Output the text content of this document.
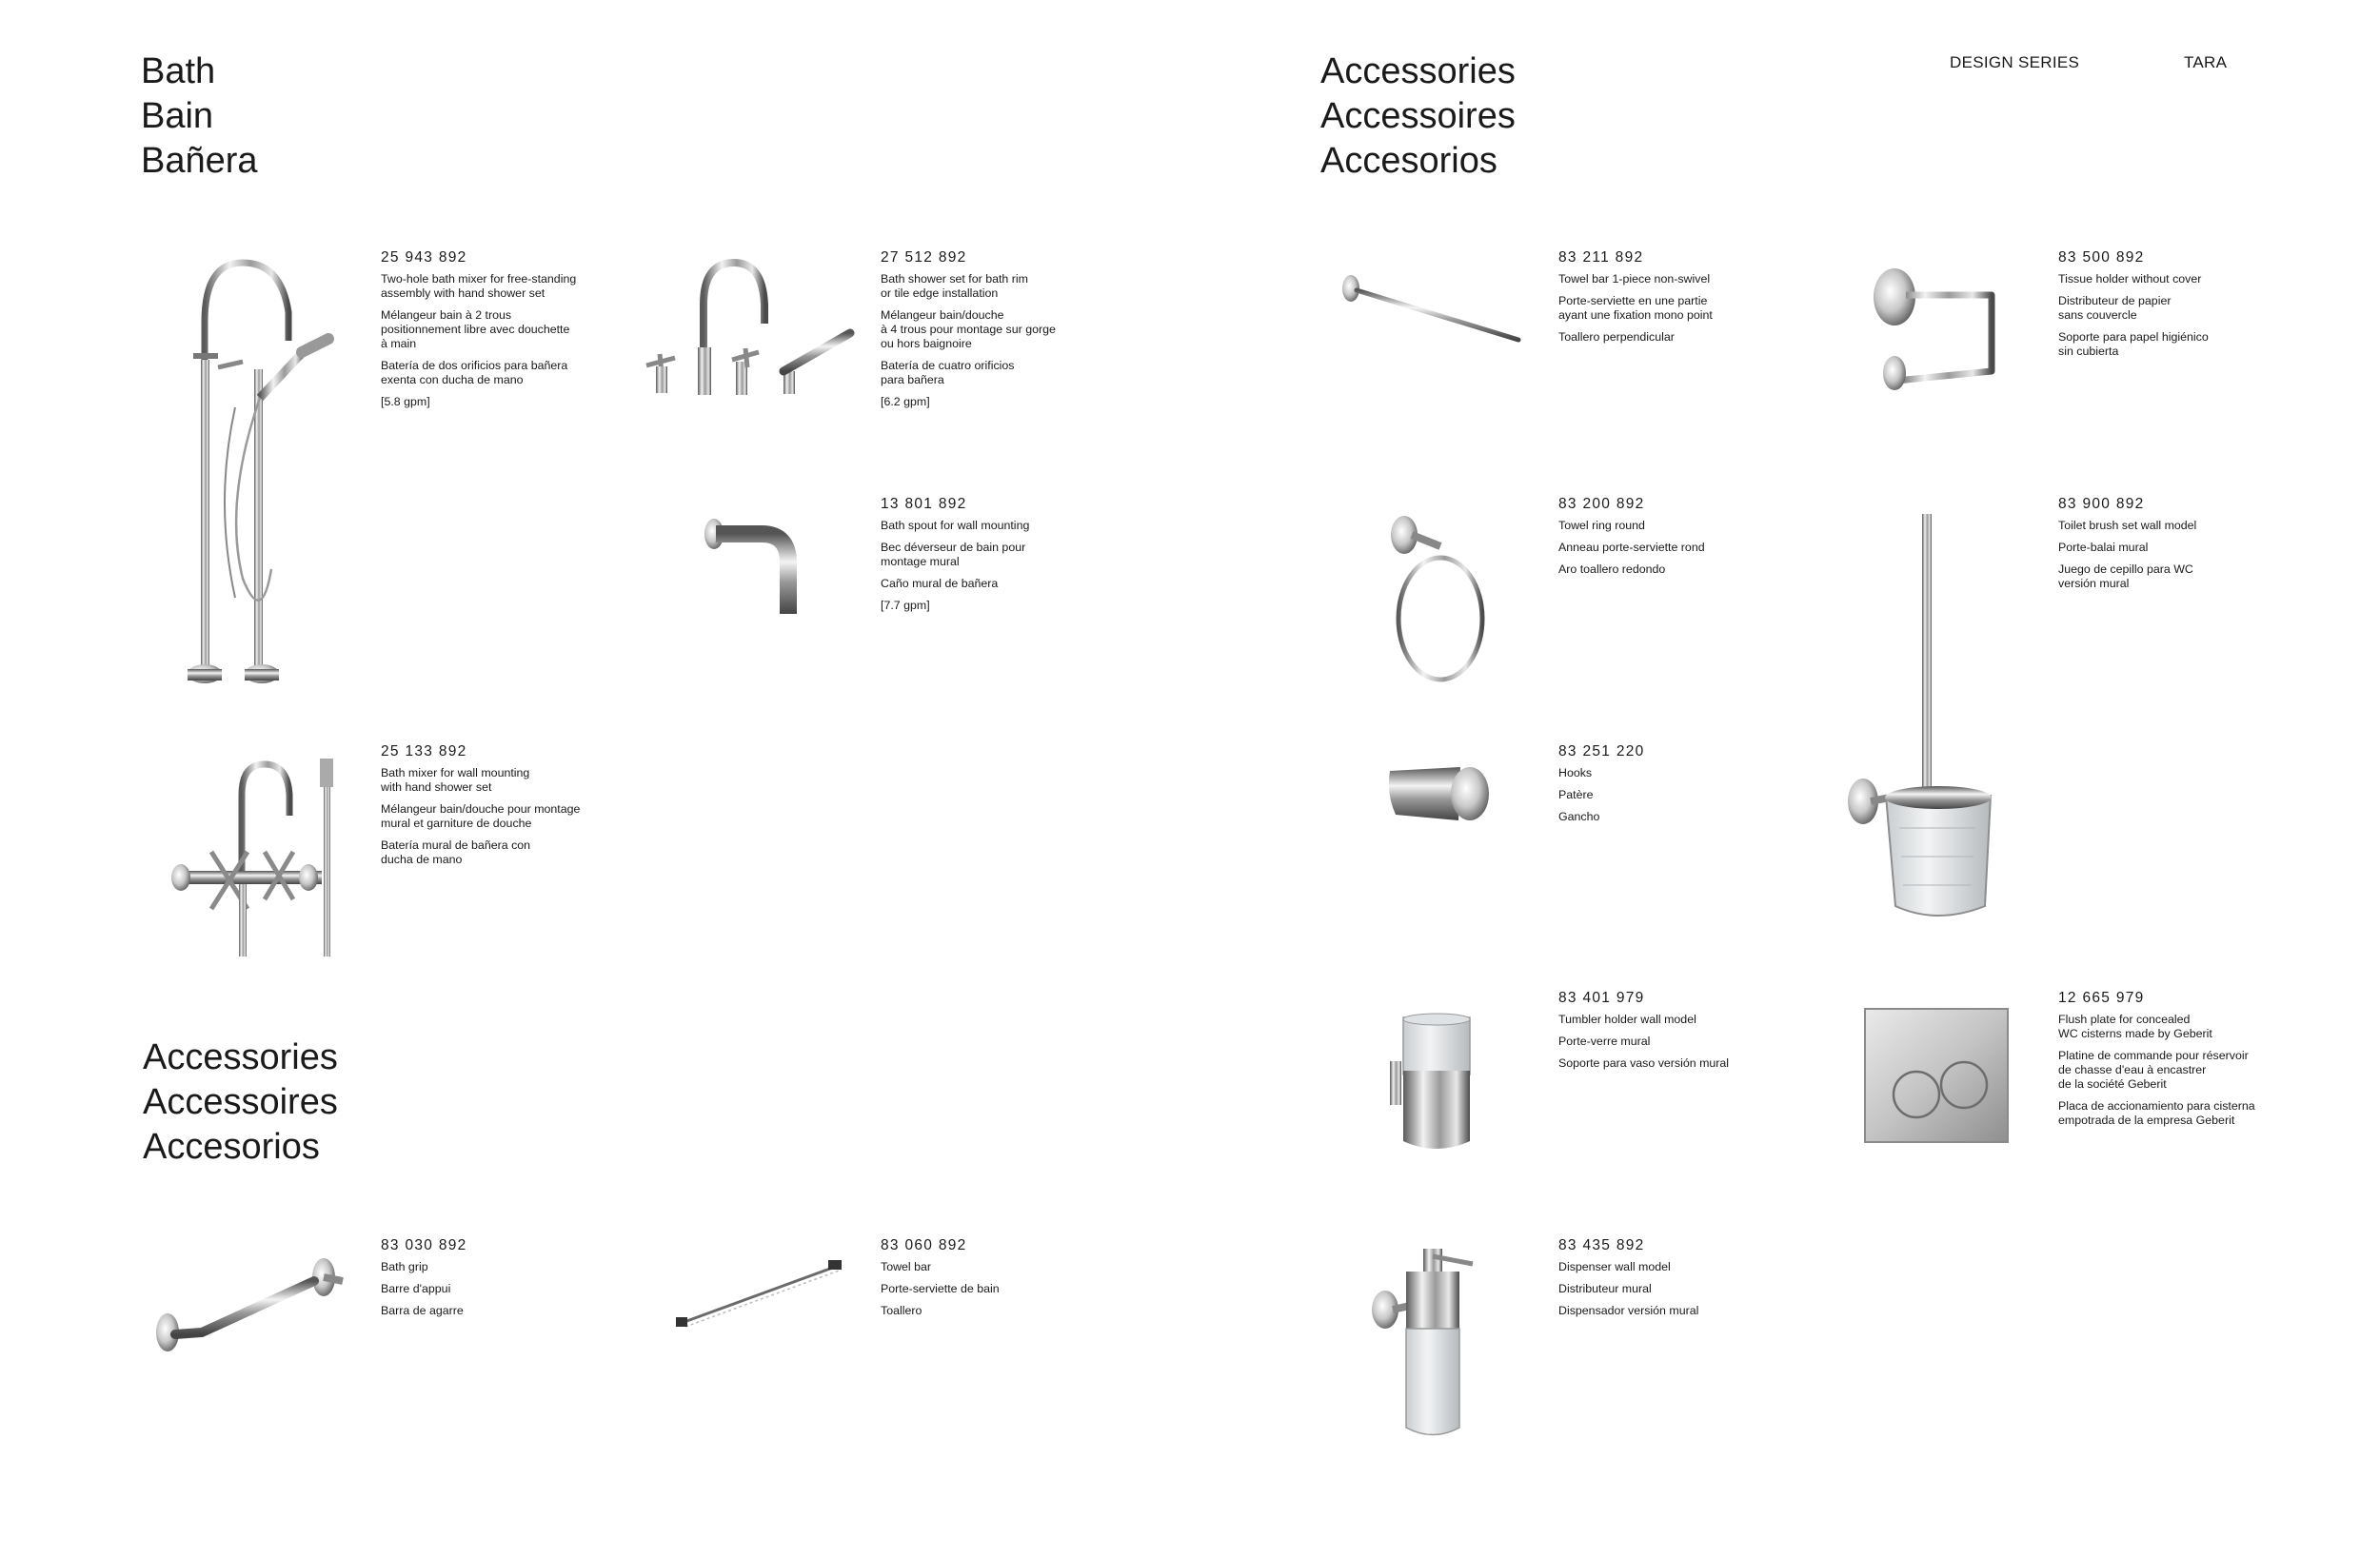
DESIGN SERIES	TARA
Bath
Bain
Bañera
Accessories
Accessoires
Accesorios
Accessories
Accessoires
Accesorios
25 943 892
Two-hole bath mixer for free-standing
assembly with hand shower set
Mélangeur bain à 2 trous
positionnement libre avec douchette
à main
Batería de dos orificios para bañera
exenta con ducha de mano
[5.8 gpm]
27 512 892
Bath shower set for bath rim
or tile edge installation
Mélangeur bain/douche
à 4 trous pour montage sur gorge
ou hors baignoire
Batería de cuatro orificios
para bañera
[6.2 gpm]
13 801 892
Bath spout for wall mounting
Bec déverseur de bain pour
montage mural
Caño mural de bañera
[7.7 gpm]
25 133 892
Bath mixer for wall mounting
with hand shower set
Mélangeur bain/douche pour montage
mural et garniture de douche
Batería mural de bañera con
ducha de mano
83 030 892
Bath grip
Barre d'appui
Barra de agarre
83 060 892
Towel bar
Porte-serviette de bain
Toallero
83 211 892
Towel bar 1-piece non-swivel
Porte-serviette en une partie
ayant une fixation mono point
Toallero perpendicular
83 500 892
Tissue holder without cover
Distributeur de papier
sans couvercle
Soporte para papel higiénico
sin cubierta
83 200 892
Towel ring round
Anneau porte-serviette rond
Aro toallero redondo
83 900 892
Toilet brush set wall model
Porte-balai mural
Juego de cepillo para WC
versión mural
83 251 220
Hooks
Patère
Gancho
83 401 979
Tumbler holder wall model
Porte-verre mural
Soporte para vaso versión mural
12 665 979
Flush plate for concealed
WC cisterns made by Geberit
Platine de commande pour réservoir
de chasse d'eau à encastrer
de la société Geberit
Placa de accionamiento para cisterna
empotrada de la empresa Geberit
83 435 892
Dispenser wall model
Distributeur mural
Dispensador versión mural
